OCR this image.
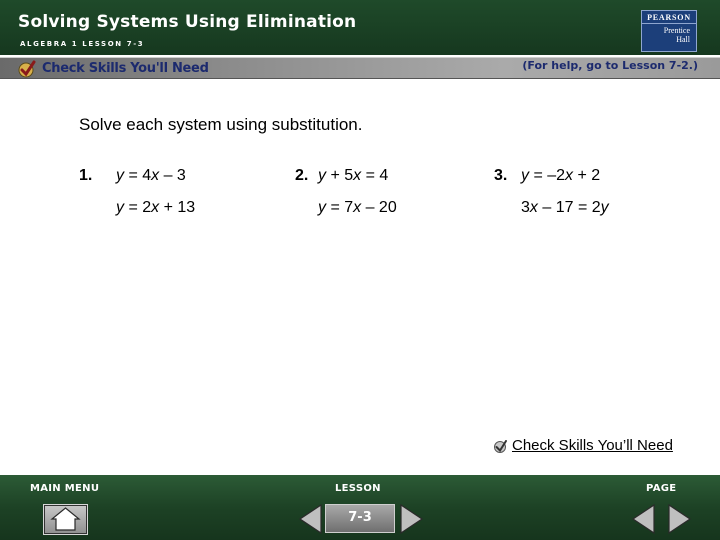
Solving Systems Using Elimination
ALGEBRA 1 LESSON 7-3
PEARSON
Prentice
Hall
Check Skills You'll Need	(For help, go to Lesson 7-2.)
Solve each system using substitution.
1. y = 4x – 3
y = 2x + 13
2. y + 5x = 4
y = 7x – 20
3. y = –2x + 2
3x – 17 = 2y
Check Skills You’ll Need
MAIN MENU	LESSON	PAGE
7-3
